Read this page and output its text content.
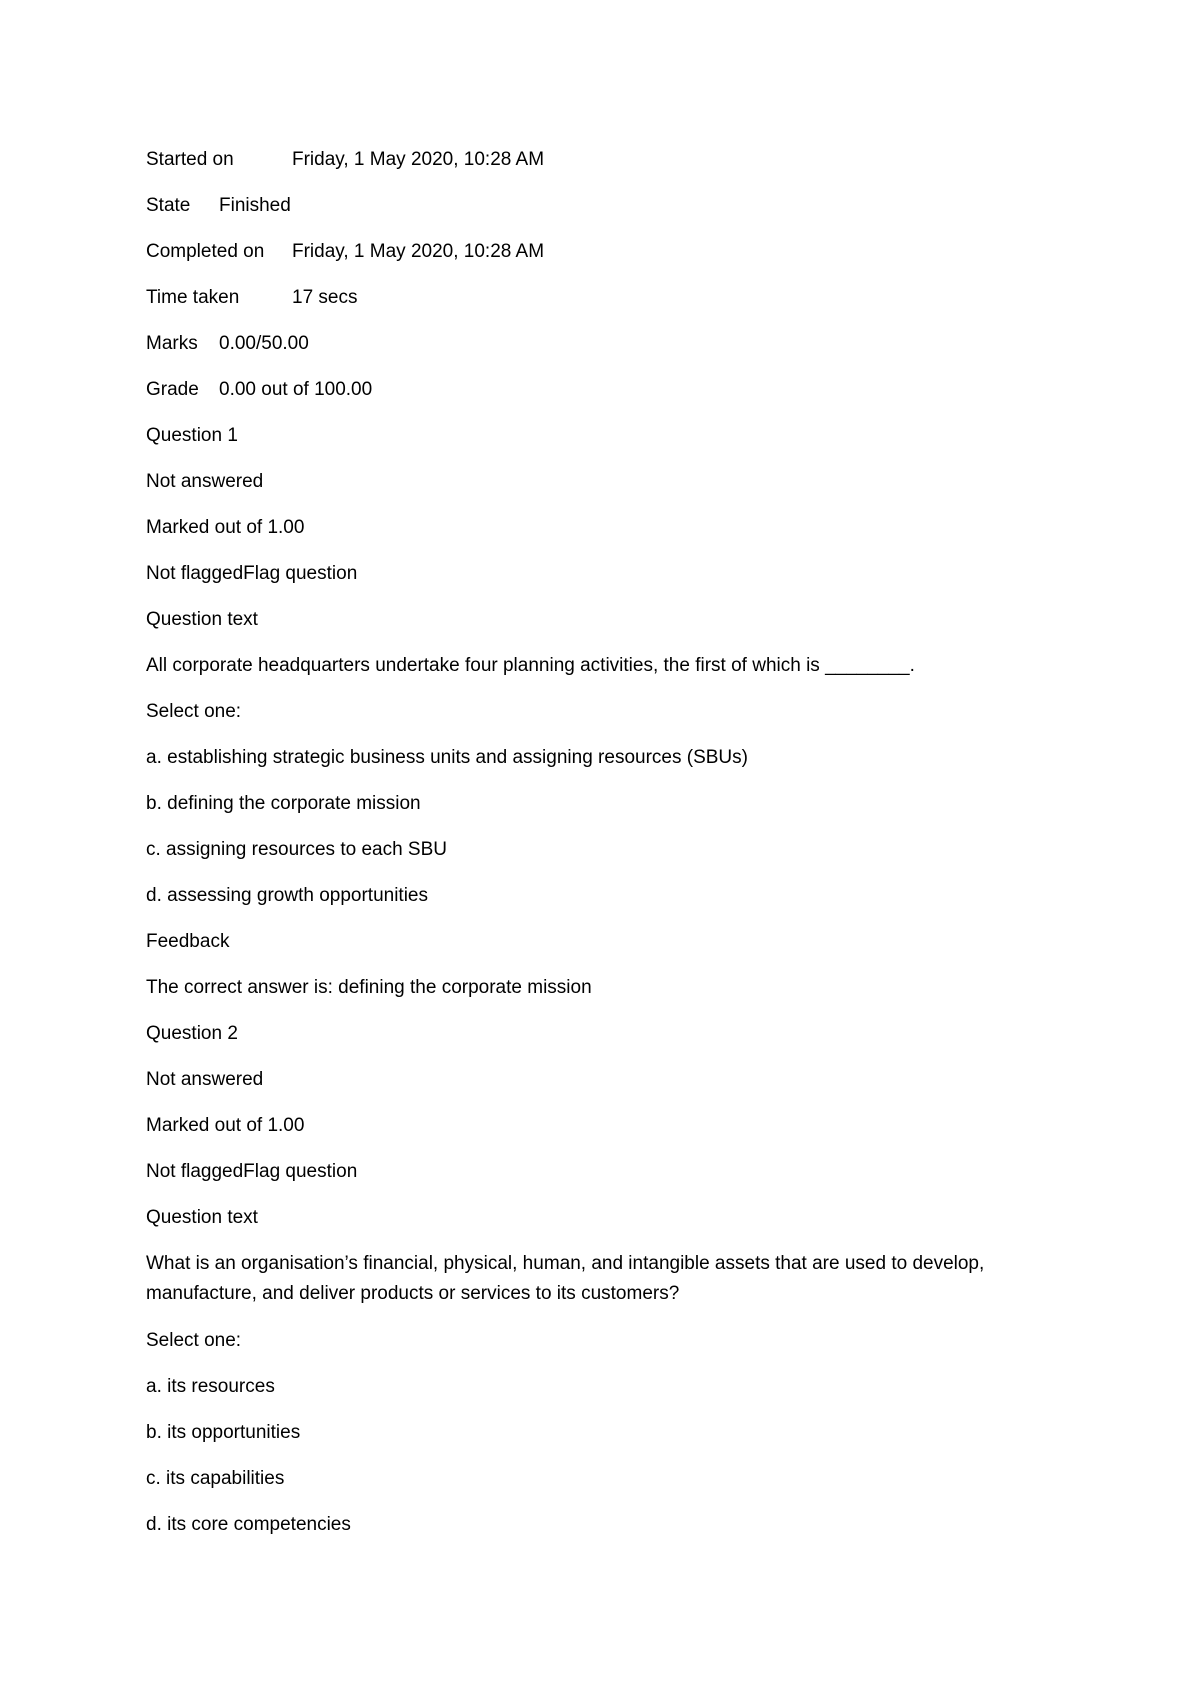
Started on	Friday, 1 May 2020, 10:28 AM
State Finished
Completed on Friday, 1 May 2020, 10:28 AM
Time taken	17 secs
Marks 0.00/50.00
Grade 0.00 out of 100.00
Question 1
Not answered
Marked out of 1.00
Not flaggedFlag question
Question text
All corporate headquarters undertake four planning activities, the first of which is ________.
Select one:
a. establishing strategic business units and assigning resources (SBUs)
b. defining the corporate mission
c. assigning resources to each SBU
d. assessing growth opportunities
Feedback
The correct answer is: defining the corporate mission
Question 2
Not answered
Marked out of 1.00
Not flaggedFlag question
Question text
What is an organisation’s financial, physical, human, and intangible assets that are used to develop, manufacture, and deliver products or services to its customers?
Select one:
a. its resources
b. its opportunities
c. its capabilities
d. its core competencies
